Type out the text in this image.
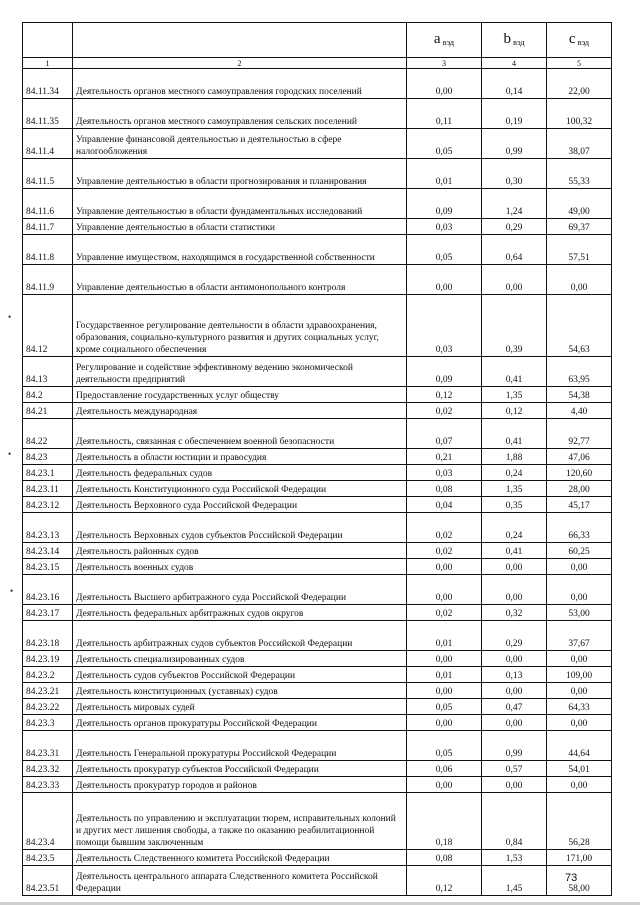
		a $_{вэд}$	b $_{вэд}$	c $_{вэд}$
1	2	3	4	5
84.11.34	Деятельность органов местного самоуправления городских поселений	0,00	0,14	22,00
84.11.35	Деятельность органов местного самоуправления сельских поселений	0,11	0,19	100,32
84.11.4	Управление финансовой деятельностью и деятельностью в сфере налогообложения	0,05	0,99	38,07
84.11.5	Управление деятельностью в области прогнозирования и планирования	0,01	0,30	55,33
84.11.6	Управление деятельностью в области фундаментальных исследований	0,09	1,24	49,00
84.11.7	Управление деятельностью в области статистики	0,03	0,29	69,37
84.11.8	Управление имуществом, находящимся в государственной собственности	0,05	0,64	57,51
84.11.9	Управление деятельностью в области антимонопольного контроля	0,00	0,00	0,00
84.12	Государственное регулирование деятельности в области здравоохранения, образования, социально-культурного развития и других социальных услуг, кроме социального обеспечения	0,03	0,39	54,63
84.13	Регулирование и содействие эффективному ведению экономической деятельности предприятий	0,09	0,41	63,95
84.2	Предоставление государственных услуг обществу	0,12	1,35	54,38
84.21	Деятельность международная	0,02	0,12	4,40
84.22	Деятельность, связанная с обеспечением военной безопасности	0,07	0,41	92,77
84.23	Деятельность в области юстиции и правосудия	0,21	1,88	47,06
84.23.1	Деятельность федеральных судов	0,03	0,24	120,60
84.23.11	Деятельность Конституционного суда Российской Федерации	0,08	1,35	28,00
84.23.12	Деятельность Верховного суда Российской Федерации	0,04	0,35	45,17
84.23.13	Деятельность Верховных судов субъектов Российской Федерации	0,02	0,24	66,33
84.23.14	Деятельность районных судов	0,02	0,41	60,25
84.23.15	Деятельность военных судов	0,00	0,00	0,00
84.23.16	Деятельность Высшего арбитражного суда Российской Федерации	0,00	0,00	0,00
84.23.17	Деятельность федеральных арбитражных судов округов	0,02	0,32	53,00
84.23.18	Деятельность арбитражных судов субъектов Российской Федерации	0,01	0,29	37,67
84.23.19	Деятельность специализированных судов	0,00	0,00	0,00
84.23.2	Деятельность судов субъектов Российской Федерации	0,01	0,13	109,00
84.23.21	Деятельность конституционных (уставных) судов	0,00	0,00	0,00
84.23.22	Деятельность мировых судей	0,05	0,47	64,33
84.23.3	Деятельность органов прокуратуры Российской Федерации	0,00	0,00	0,00
84.23.31	Деятельность Генеральной прокуратуры Российской Федерации	0,05	0,99	44,64
84.23.32	Деятельность прокуратур субъектов Российской Федерации	0,06	0,57	54,01
84.23.33	Деятельность прокуратур городов и районов	0,00	0,00	0,00
84.23.4	Деятельность по управлению и эксплуатации тюрем, исправительных колоний и других мест лишения свободы, а также по оказанию реабилитационной помощи бывшим заключенным	0,18	0,84	56,28
84.23.5	Деятельность Следственного комитета Российской Федерации	0,08	1,53	171,00
84.23.51	Деятельность центрального аппарата Следственного комитета Российской Федерации	0,12	1,45	58,00
•
•
•
73
